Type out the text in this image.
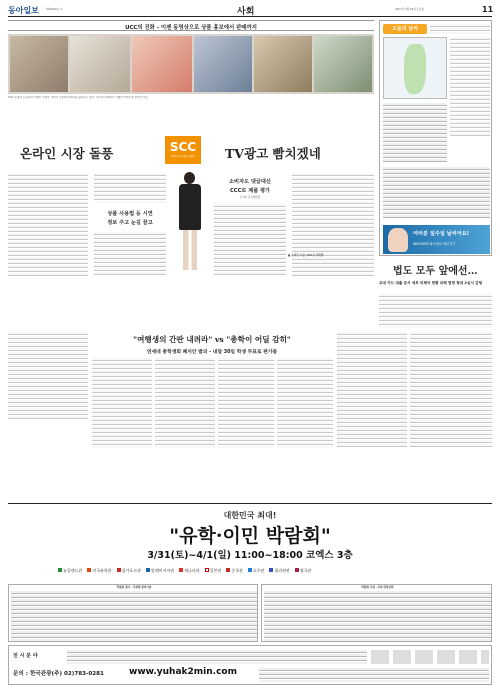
동아일보	제26446호 ⑥	사회	2007년 3월 24일 토요일	11
UCC의 진화 - 이젠 동영상으로 상품 홍보에서 판매까지
UCC 동영상 등장하며 다양한 직업이 사이버 시장에서 UCC를 활용하고 있다. 뉴미디어 SCC가 진행한 이벤트에 참가한 이들
온라인 시장 돌풍	SCC
판매자 손수제작 동영상	TV광고 빰치겠네
상품 사용법 등 시연
정보 주고 눈길 끌고
소비자도 댓글대신
CCC로 제품 평가
소비자 손수제작물
■ 온라인 시장, UCC로 대폭발
오늘의 날씨
여러분 일주일 날씨어요!
WEATHER 날씨정보 바로가기
법도 모두 앞에선…
교대 카드 대출 등서 세부 피해자 현황 피해 법령 형대 2심서 감형
"여행생의 간판 내려라" vs "총학이 어딜 감히"
연세대 총학생회 폐지안 발의 - 내달 30일 학생 투표로 판가름
대한민국 최대!
"유학·이민 박람회"
3/31(토)~4/1(일) 11:00~18:00 코엑스 3층
뉴질랜드관	미국유학관	싱가포르관	말레이시아관	캐나다관	일본관	중국관	호주관	필리핀관	영국관
박람회 참가 · 주관해 참여기관	박람회 주최 · 주관 학과단원
전 시 분 야
문의 : 한국관광(주) 02)783-0281	www.yuhak2min.com
